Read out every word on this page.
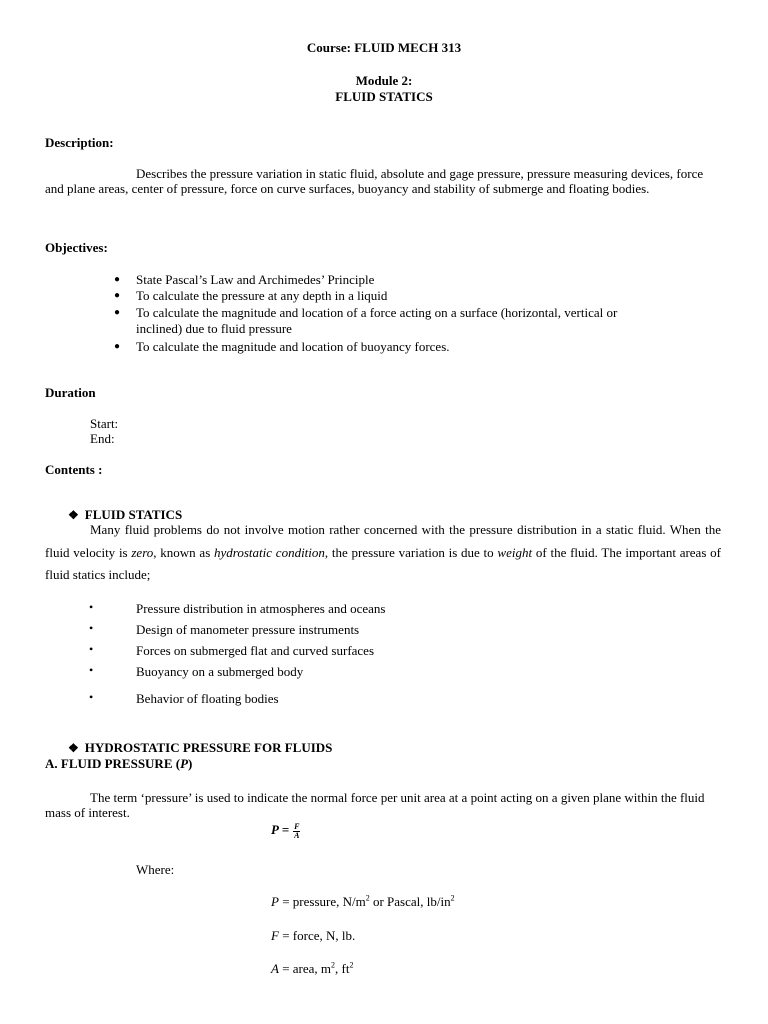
Course: FLUID MECH 313
Module 2:
FLUID STATICS
Description:
Describes the pressure variation in static fluid, absolute and gage pressure, pressure measuring devices, force and plane areas, center of pressure, force on curve surfaces, buoyancy and stability of submerge and floating bodies.
Objectives:
● State Pascal’s Law and Archimedes’ Principle
● To calculate the pressure at any depth in a liquid
● To calculate the magnitude and location of a force acting on a surface (horizontal, vertical or
inclined) due to fluid pressure
● To calculate the magnitude and location of buoyancy forces.
Duration
Start:
End:
Contents :
❖ FLUID STATICS
Many fluid problems do not involve motion rather concerned with the pressure distribution in a static fluid. When the fluid velocity is zero, known as hydrostatic condition, the pressure variation is due to weight of the fluid. The important areas of fluid statics include;
•	Pressure distribution in atmospheres and oceans
•	Design of manometer pressure instruments
•	Forces on submerged flat and curved surfaces
•	Buoyancy on a submerged body
•	Behavior of floating bodies
❖ HYDROSTATIC PRESSURE FOR FLUIDS
A. FLUID PRESSURE (P)
The term ‘pressure’ is used to indicate the normal force per unit area at a point acting on a given plane within the fluid mass of interest.
$P = \frac{F}{A}$
Where:
P = pressure, $N/m^2$ or Pascal, $lb/in^2$
F = force, N, lb.
A = area, $m^2$, $ft^2$
